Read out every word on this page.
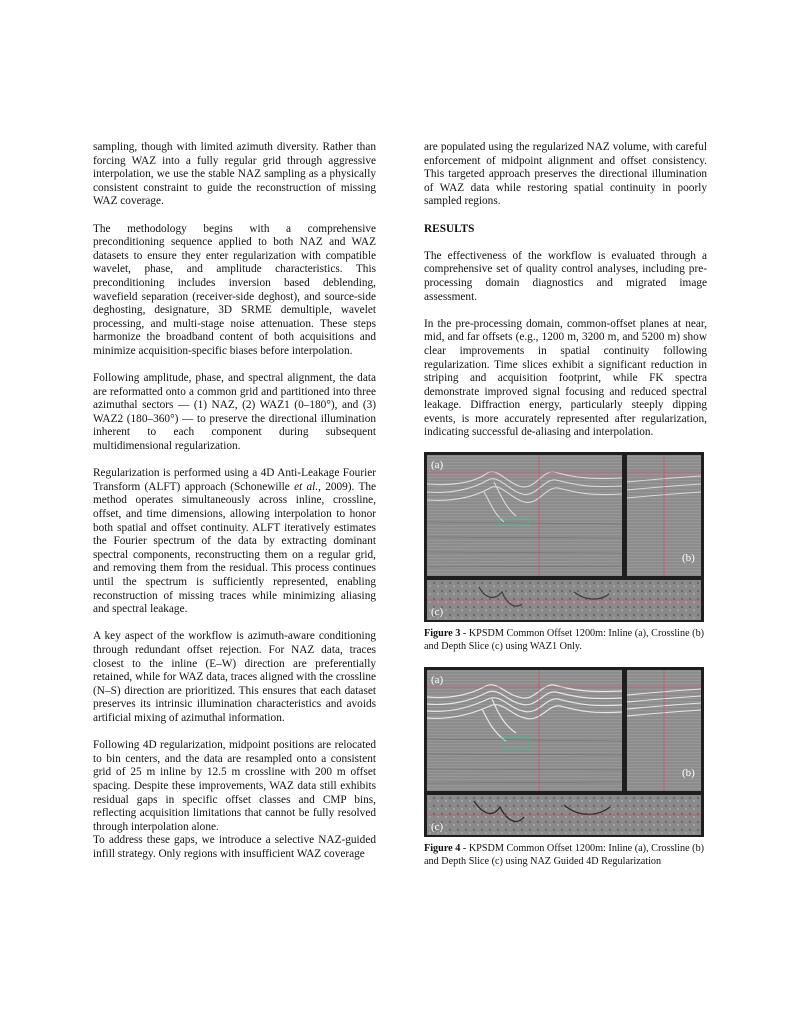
sampling, though with limited azimuth diversity. Rather than forcing WAZ into a fully regular grid through aggressive interpolation, we use the stable NAZ sampling as a physically consistent constraint to guide the reconstruction of missing WAZ coverage.

The methodology begins with a comprehensive preconditioning sequence applied to both NAZ and WAZ datasets to ensure they enter regularization with compatible wavelet, phase, and amplitude characteristics. This preconditioning includes inversion based deblending, wavefield separation (receiver-side deghost), and source-side deghosting, designature, 3D SRME demultiple, wavelet processing, and multi-stage noise attenuation. These steps harmonize the broadband content of both acquisitions and minimize acquisition-specific biases before interpolation.

Following amplitude, phase, and spectral alignment, the data are reformatted onto a common grid and partitioned into three azimuthal sectors — (1) NAZ, (2) WAZ1 (0–180°), and (3) WAZ2 (180–360°) — to preserve the directional illumination inherent to each component during subsequent multidimensional regularization.

Regularization is performed using a 4D Anti-Leakage Fourier Transform (ALFT) approach (Schonewille et al., 2009). The method operates simultaneously across inline, crossline, offset, and time dimensions, allowing interpolation to honor both spatial and offset continuity. ALFT iteratively estimates the Fourier spectrum of the data by extracting dominant spectral components, reconstructing them on a regular grid, and removing them from the residual. This process continues until the spectrum is sufficiently represented, enabling reconstruction of missing traces while minimizing aliasing and spectral leakage.

A key aspect of the workflow is azimuth-aware conditioning through redundant offset rejection. For NAZ data, traces closest to the inline (E–W) direction are preferentially retained, while for WAZ data, traces aligned with the crossline (N–S) direction are prioritized. This ensures that each dataset preserves its intrinsic illumination characteristics and avoids artificial mixing of azimuthal information.

Following 4D regularization, midpoint positions are relocated to bin centers, and the data are resampled onto a consistent grid of 25 m inline by 12.5 m crossline with 200 m offset spacing. Despite these improvements, WAZ data still exhibits residual gaps in specific offset classes and CMP bins, reflecting acquisition limitations that cannot be fully resolved through interpolation alone.

To address these gaps, we introduce a selective NAZ-guided infill strategy. Only regions with insufficient WAZ coverage

are populated using the regularized NAZ volume, with careful enforcement of midpoint alignment and offset consistency. This targeted approach preserves the directional illumination of WAZ data while restoring spatial continuity in poorly sampled regions.

RESULTS

The effectiveness of the workflow is evaluated through a comprehensive set of quality control analyses, including pre-processing domain diagnostics and migrated image assessment.

In the pre-processing domain, common-offset planes at near, mid, and far offsets (e.g., 1200 m, 3200 m, and 5200 m) show clear improvements in spatial continuity following regularization. Time slices exhibit a significant reduction in striping and acquisition footprint, while FK spectra demonstrate improved signal focusing and reduced spectral leakage. Diffraction energy, particularly steeply dipping events, is more accurately represented after regularization, indicating successful de-aliasing and interpolation.

(a)
(b)
(c)
Figure 3 - KPSDM Common Offset 1200m: Inline (a), Crossline (b) and Depth Slice (c) using WAZ1 Only.
(a)
(b)
(c)
Figure 4 - KPSDM Common Offset 1200m: Inline (a), Crossline (b) and Depth Slice (c) using NAZ Guided 4D Regularization
